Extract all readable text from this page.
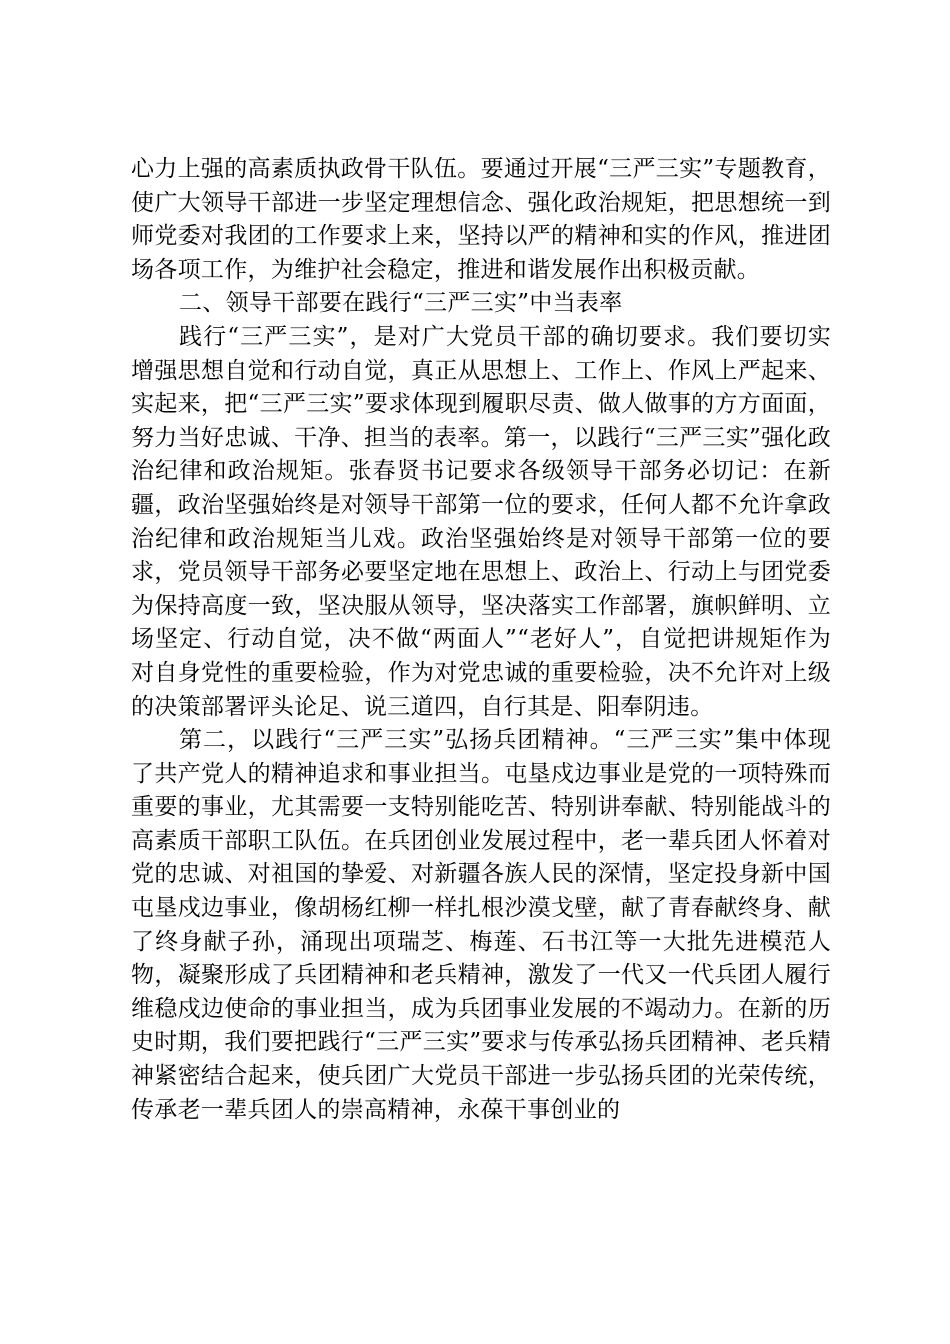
心力上强的高素质执政骨干队伍。要通过开展“三严三实”专题教育，使广大领导干部进一步坚定理想信念、强化政治规矩，把思想统一到师党委对我团的工作要求上来，坚持以严的精神和实的作风，推进团场各项工作，为维护社会稳定，推进和谐发展作出积极贡献。

二、领导干部要在践行“三严三实”中当表率

践行“三严三实”，是对广大党员干部的确切要求。我们要切实增强思想自觉和行动自觉，真正从思想上、工作上、作风上严起来、实起来，把“三严三实”要求体现到履职尽责、做人做事的方方面面，努力当好忠诚、干净、担当的表率。第一，以践行“三严三实”强化政治纪律和政治规矩。张春贤书记要求各级领导干部务必切记：在新疆，政治坚强始终是对领导干部第一位的要求，任何人都不允许拿政治纪律和政治规矩当儿戏。政治坚强始终是对领导干部第一位的要求，党员领导干部务必要坚定地在思想上、政治上、行动上与团党委为保持高度一致，坚决服从领导，坚决落实工作部署，旗帜鲜明、立场坚定、行动自觉，决不做“两面人”“老好人”，自觉把讲规矩作为对自身党性的重要检验，作为对党忠诚的重要检验，决不允许对上级的决策部署评头论足、说三道四，自行其是、阳奉阴违。

第二，以践行“三严三实”弘扬兵团精神。“三严三实”集中体现了共产党人的精神追求和事业担当。屯垦戍边事业是党的一项特殊而重要的事业，尤其需要一支特别能吃苦、特别讲奉献、特别能战斗的高素质干部职工队伍。在兵团创业发展过程中，老一辈兵团人怀着对党的忠诚、对祖国的挚爱、对新疆各族人民的深情，坚定投身新中国屯垦戍边事业，像胡杨红柳一样扎根沙漠戈壁，献了青春献终身、献了终身献子孙，涌现出项瑞芝、梅莲、石书江等一大批先进模范人物，凝聚形成了兵团精神和老兵精神，激发了一代又一代兵团人履行维稳戍边使命的事业担当，成为兵团事业发展的不竭动力。在新的历史时期，我们要把践行“三严三实”要求与传承弘扬兵团精神、老兵精神紧密结合起来，使兵团广大党员干部进一步弘扬兵团的光荣传统，传承老一辈兵团人的崇高精神，永葆干事创业的
